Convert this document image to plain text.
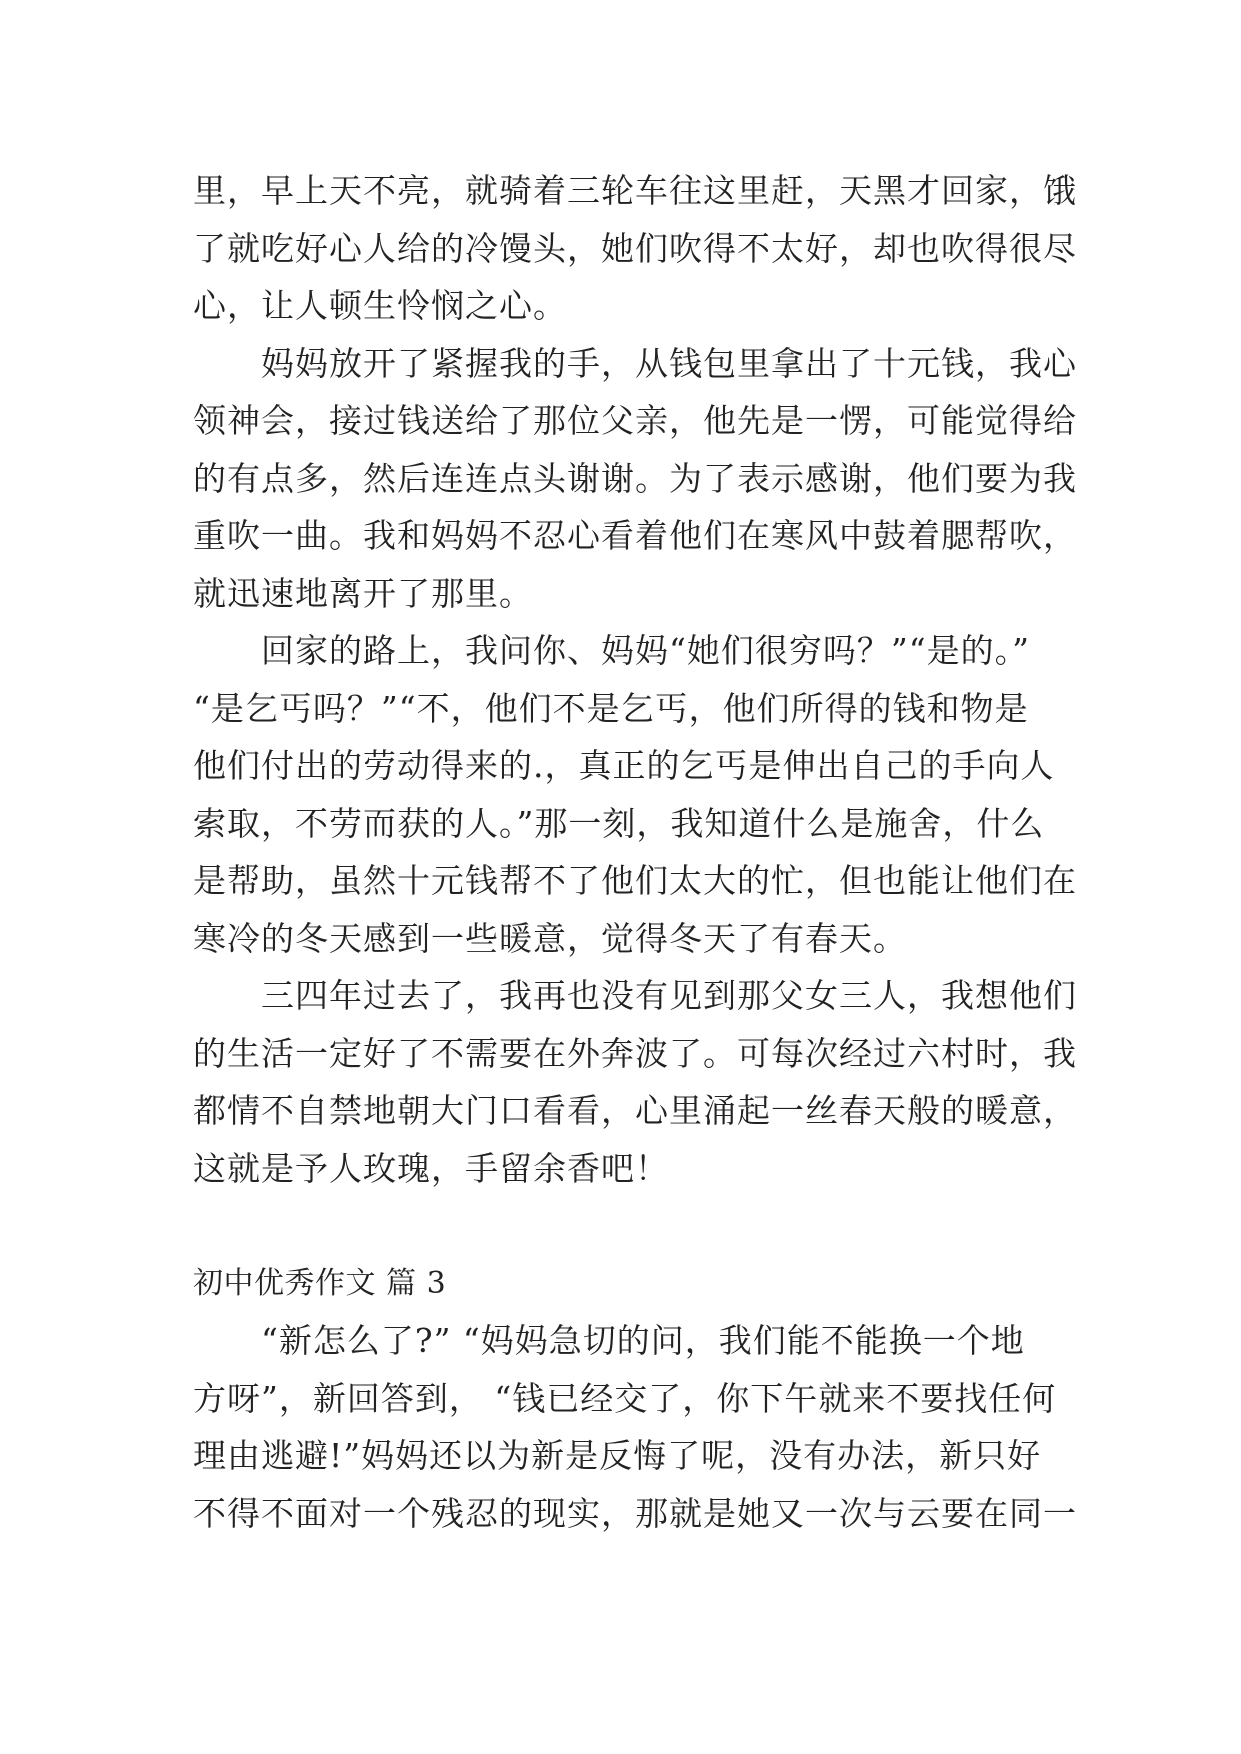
里，早上天不亮，就骑着三轮车往这里赶，天黑才回家，饿
了就吃好心人给的冷馒头，她们吹得不太好，却也吹得很尽
心，让人顿生怜悯之心。

　　妈妈放开了紧握我的手，从钱包里拿出了十元钱，我心
领神会，接过钱送给了那位父亲，他先是一愣，可能觉得给
的有点多，然后连连点头谢谢。为了表示感谢，他们要为我
重吹一曲。我和妈妈不忍心看着他们在寒风中鼓着腮帮吹，
就迅速地离开了那里。

　　回家的路上，我问你、妈妈“她们很穷吗？”“是的。”
“是乞丐吗？”“不，他们不是乞丐，他们所得的钱和物是
他们付出的劳动得来的.，真正的乞丐是伸出自己的手向人
索取，不劳而获的人。”那一刻，我知道什么是施舍，什么
是帮助，虽然十元钱帮不了他们太大的忙，但也能让他们在
寒冷的冬天感到一些暖意，觉得冬天了有春天。

　　三四年过去了，我再也没有见到那父女三人，我想他们
的生活一定好了不需要在外奔波了。可每次经过六村时，我
都情不自禁地朝大门口看看，心里涌起一丝春天般的暖意，
这就是予人玫瑰，手留余香吧！

初中优秀作文 篇 3

　　“新怎么了?” “妈妈急切的问，我们能不能换一个地
方呀”，新回答到， “钱已经交了，你下午就来不要找任何
理由逃避!”妈妈还以为新是反悔了呢，没有办法，新只好
不得不面对一个残忍的现实，那就是她又一次与云要在同一
